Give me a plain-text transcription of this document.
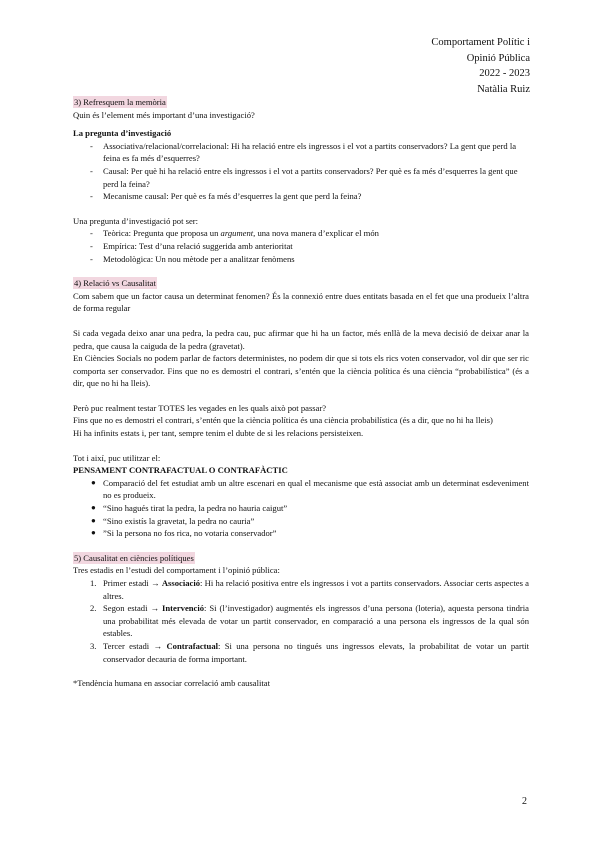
Comportament Polític i
Opinió Pública
2022 - 2023
Natàlia Ruiz

3) Refresquem la memòria

Quin és l’element més important d’una investigació?

La pregunta d’investigació

- Associativa/relacional/correlacional: Hi ha relació entre els ingressos i el vot a partits conservadors? La gent que perd la feina es fa més d’esquerres?
- Causal: Per què hi ha relació entre els ingressos i el vot a partits conservadors? Per què es fa més d’esquerres la gent que perd la feina?
- Mecanisme causal: Per què es fa més d’esquerres la gent que perd la feina?

Una pregunta d’investigació pot ser:

- Teòrica: Pregunta que proposa un argument, una nova manera d’explicar el món
- Empírica: Test d’una relació suggerida amb anterioritat
- Metodològica: Un nou mètode per a analitzar fenòmens

4) Relació vs Causalitat

Com sabem que un factor causa un determinat fenomen? És la connexió entre dues entitats basada en el fet que una produeix l’altra de forma regular

Si cada vegada deixo anar una pedra, la pedra cau, puc afirmar que hi ha un factor, més enllà de la meva decisió de deixar anar la pedra, que causa la caiguda de la pedra (gravetat).

En Ciències Socials no podem parlar de factors deterministes, no podem dir que si tots els rics voten conservador, vol dir que ser ric comporta ser conservador. Fins que no es demostri el contrari, s’entén que la ciència política és una ciència “probabilística” (és a dir, que no hi ha lleis).

Però puc realment testar TOTES les vegades en les quals això pot passar?

Fins que no es demostri el contrari, s’entén que la ciència política és una ciència probabilística (és a dir, que no hi ha lleis)

Hi ha infinits estats i, per tant, sempre tenim el dubte de si les relacions persisteixen.

Tot i així, puc utilitzar el:

PENSAMENT CONTRAFACTUAL O CONTRAFÀCTIC

● Comparació del fet estudiat amb un altre escenari en qual el mecanisme que està associat amb un determinat esdeveniment no es produeix.
● “Sino hagués tirat la pedra, la pedra no hauria caigut”
● “Sino existís la gravetat, la pedra no cauria”
● ”Si la persona no fos rica, no votaria conservador”

5) Causalitat en ciències polítiques

Tres estadis en l’estudi del comportament i l’opinió pública:

1. Primer estadi → Associació: Hi ha relació positiva entre els ingressos i vot a partits conservadors. Associar certs aspectes a altres.
2. Segon estadi → Intervenció: Si (l’investigador) augmentés els ingressos d’una persona (loteria), aquesta persona tindria una probabilitat més elevada de votar un partit conservador, en comparació a una persona els ingressos de la qual són estables.
3. Tercer estadi → Contrafactual: Si una persona no tingués uns ingressos elevats, la probabilitat de votar un partit conservador decauria de forma important.

*Tendència humana en associar correlació amb causalitat

2
